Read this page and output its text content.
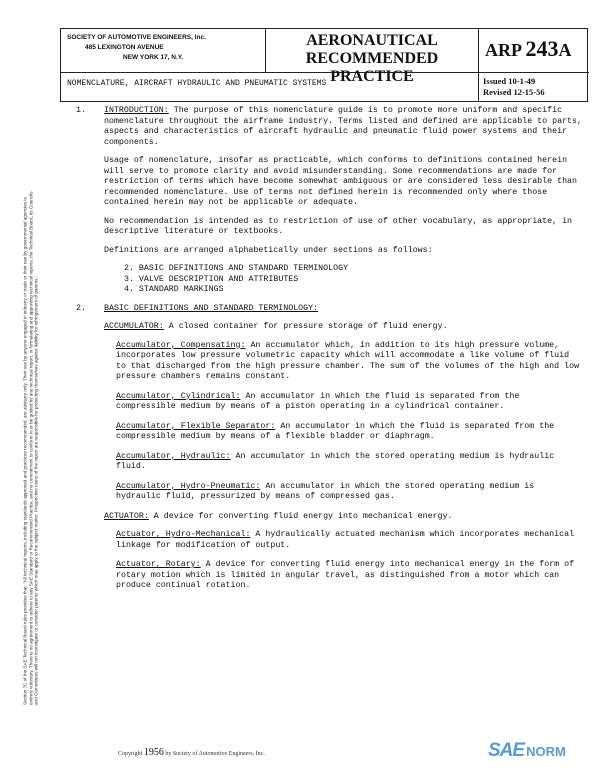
SOCIETY OF AUTOMOTIVE ENGINEERS, Inc.
485 LEXINGTON AVENUE
NEW YORK 17, N.Y.
AERONAUTICAL
RECOMMENDED PRACTICE
ARP 243A
NOMENCLATURE, AIRCRAFT HYDRAULIC AND PNEUMATIC SYSTEMS	Issued 10-1-49
Revised 12-15-56
Section 7C of the SAE Technical Board rules provides that: "All technical reports, including standards approved and practices recommended, are advisory only. Their use by anyone engaged in industry or trade or their use by governmental agencies is entirely voluntary. There is no agreement to adhere to any SAE Standard or Recommended Practice, and no commitment to conform to or be guided by any technical report. In formulating and approving technical reports, the Technical Board, its Councils and Committees will not investigate or consider patents which may apply to the subject matter. Prospective users of the report are responsible for protecting themselves against liability for infringement of patents."
1. INTRODUCTION: The purpose of this nomenclature guide is to promote more uniform and specific nomenclature throughout the airframe industry. Terms listed and defined are applicable to parts, aspects and characteristics of aircraft hydraulic and pneumatic fluid power systems and their components.

Usage of nomenclature, insofar as practicable, which conforms to definitions contained herein will serve to promote clarity and avoid misunderstanding. Some recommendations are made for restriction of terms which have become somewhat ambiguous or are considered less desirable than recommended nomenclature. Use of terms not defined herein is recommended only where those contained herein may not be applicable or adequate.

No recommendation is intended as to restriction of use of other vocabulary, as appropriate, in descriptive literature or textbooks.

Definitions are arranged alphabetically under sections as follows:

2. BASIC DEFINITIONS AND STANDARD TERMINOLOGY
3. VALVE DESCRIPTION AND ATTRIBUTES
4. STANDARD MARKINGS
2. BASIC DEFINITIONS AND STANDARD TERMINOLOGY:

ACCUMULATOR: A closed container for pressure storage of fluid energy.

Accumulator, Compensating: An accumulator which, in addition to its high pressure volume, incorporates low pressure volumetric capacity which will accommodate a like volume of fluid to that discharged from the high pressure chamber. The sum of the volumes of the high and low pressure chambers remains constant.

Accumulator, Cylindrical: An accumulator in which the fluid is separated from the compressible medium by means of a piston operating in a cylindrical container.

Accumulator, Flexible Separator: An accumulator in which the fluid is separated from the compressible medium by means of a flexible bladder or diaphragm.

Accumulator, Hydraulic: An accumulator in which the stored operating medium is hydraulic fluid.

Accumulator, Hydro-Pneumatic: An accumulator in which the stored operating medium is hydraulic fluid, pressurized by means of compressed gas.

ACTUATOR: A device for converting fluid energy into mechanical energy.

Actuator, Hydro-Mechanical: A hydraulically actuated mechanism which incorporates mechanical linkage for modification of output.

Actuator, Rotary: A device for converting fluid energy into mechanical energy in the form of rotary motion which is limited in angular travel, as distinguished from a motor which can produce continual rotation.

Copyright 1956 by Society of Automotive Engineers, Inc.	SAE NORM
